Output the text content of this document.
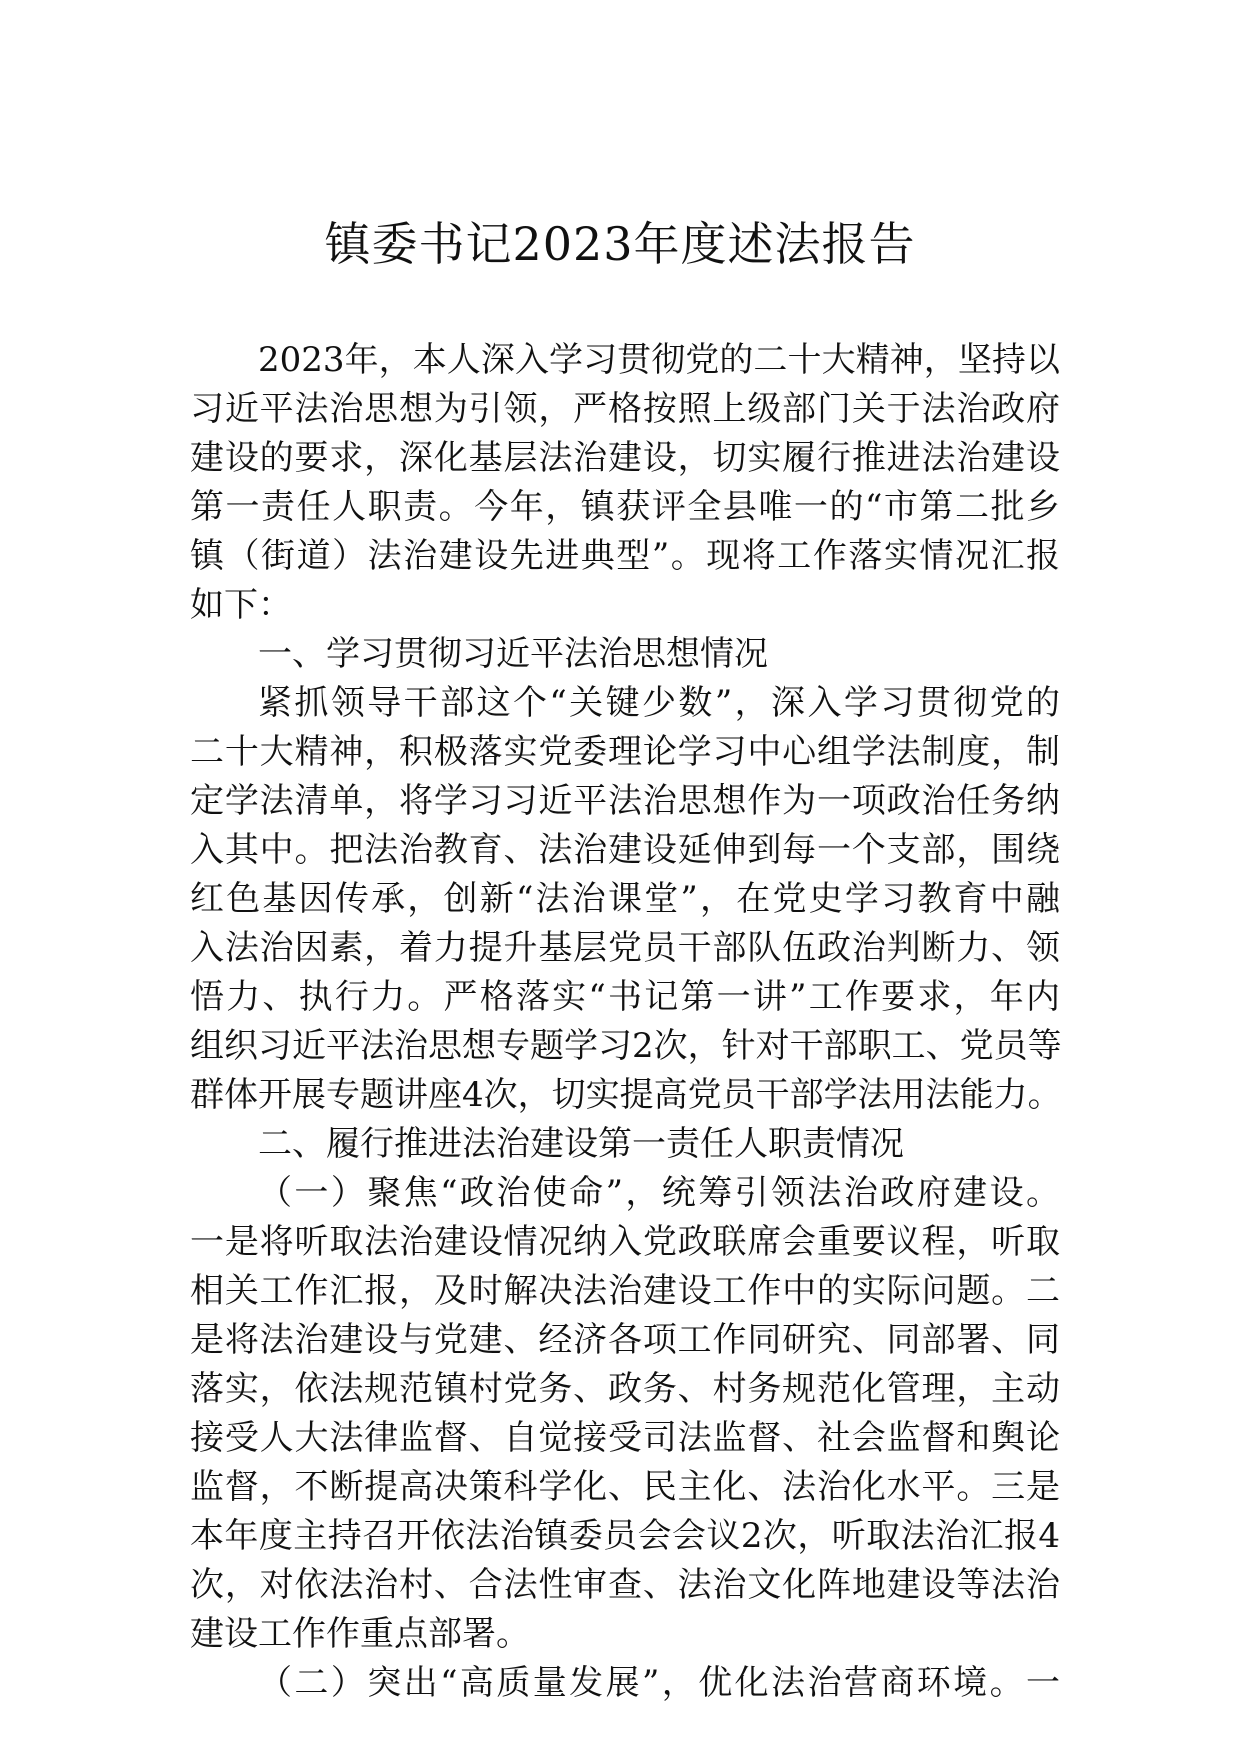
镇委书记2023年度述法报告
2023年，本人深入学习贯彻党的二十大精神，坚持以
习近平法治思想为引领，严格按照上级部门关于法治政府
建设的要求，深化基层法治建设，切实履行推进法治建设
第一责任人职责。今年，镇获评全县唯一的“市第二批乡
镇（街道）法治建设先进典型”。现将工作落实情况汇报
如下：
一、学习贯彻习近平法治思想情况
紧抓领导干部这个“关键少数”，深入学习贯彻党的
二十大精神，积极落实党委理论学习中心组学法制度，制
定学法清单，将学习习近平法治思想作为一项政治任务纳
入其中。把法治教育、法治建设延伸到每一个支部，围绕
红色基因传承，创新“法治课堂”，在党史学习教育中融
入法治因素，着力提升基层党员干部队伍政治判断力、领
悟力、执行力。严格落实“书记第一讲”工作要求，年内
组织习近平法治思想专题学习2次，针对干部职工、党员等
群体开展专题讲座4次，切实提高党员干部学法用法能力。
二、履行推进法治建设第一责任人职责情况
（一）聚焦“政治使命”，统筹引领法治政府建设。
一是将听取法治建设情况纳入党政联席会重要议程，听取
相关工作汇报，及时解决法治建设工作中的实际问题。二
是将法治建设与党建、经济各项工作同研究、同部署、同
落实，依法规范镇村党务、政务、村务规范化管理，主动
接受人大法律监督、自觉接受司法监督、社会监督和舆论
监督，不断提高决策科学化、民主化、法治化水平。三是
本年度主持召开依法治镇委员会会议2次，听取法治汇报4
次，对依法治村、合法性审查、法治文化阵地建设等法治
建设工作作重点部署。
（二）突出“高质量发展”，优化法治营商环境。一
